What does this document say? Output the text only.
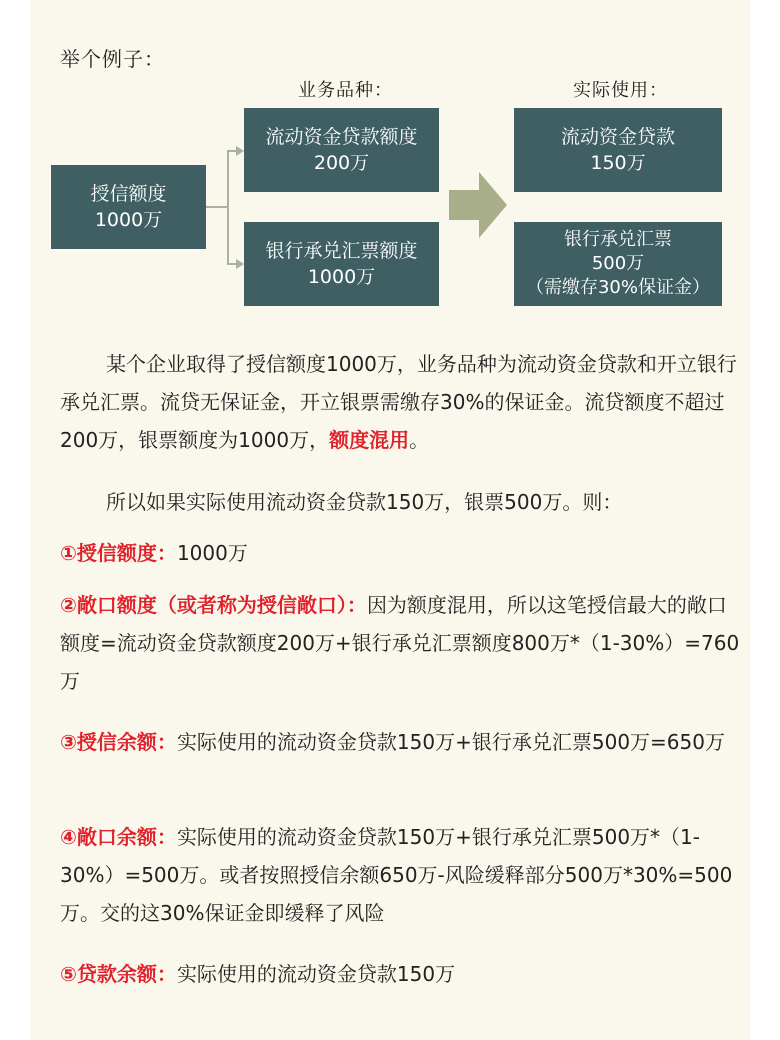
举个例子：
业务品种：	实际使用：
授信额度
1000万
流动资金贷款额度
200万
银行承兑汇票额度
1000万
流动资金贷款
150万
银行承兑汇票
500万
（需缴存30%保证金）
某个企业取得了授信额度1000万，业务品种为流动资金贷款和开立银行承兑汇票。流贷无保证金，开立银票需缴存30%的保证金。流贷额度不超过200万，银票额度为1000万，额度混用。
所以如果实际使用流动资金贷款150万，银票500万。则：
①授信额度：1000万
②敞口额度（或者称为授信敞口）：因为额度混用，所以这笔授信最大的敞口额度=流动资金贷款额度200万+银行承兑汇票额度800万*（1-30%）=760万
③授信余额：实际使用的流动资金贷款150万+银行承兑汇票500万=650万
④敞口余额：实际使用的流动资金贷款150万+银行承兑汇票500万*（1-30%）=500万。或者按照授信余额650万-风险缓释部分500万*30%=500万。交的这30%保证金即缓释了风险
⑤贷款余额：实际使用的流动资金贷款150万
